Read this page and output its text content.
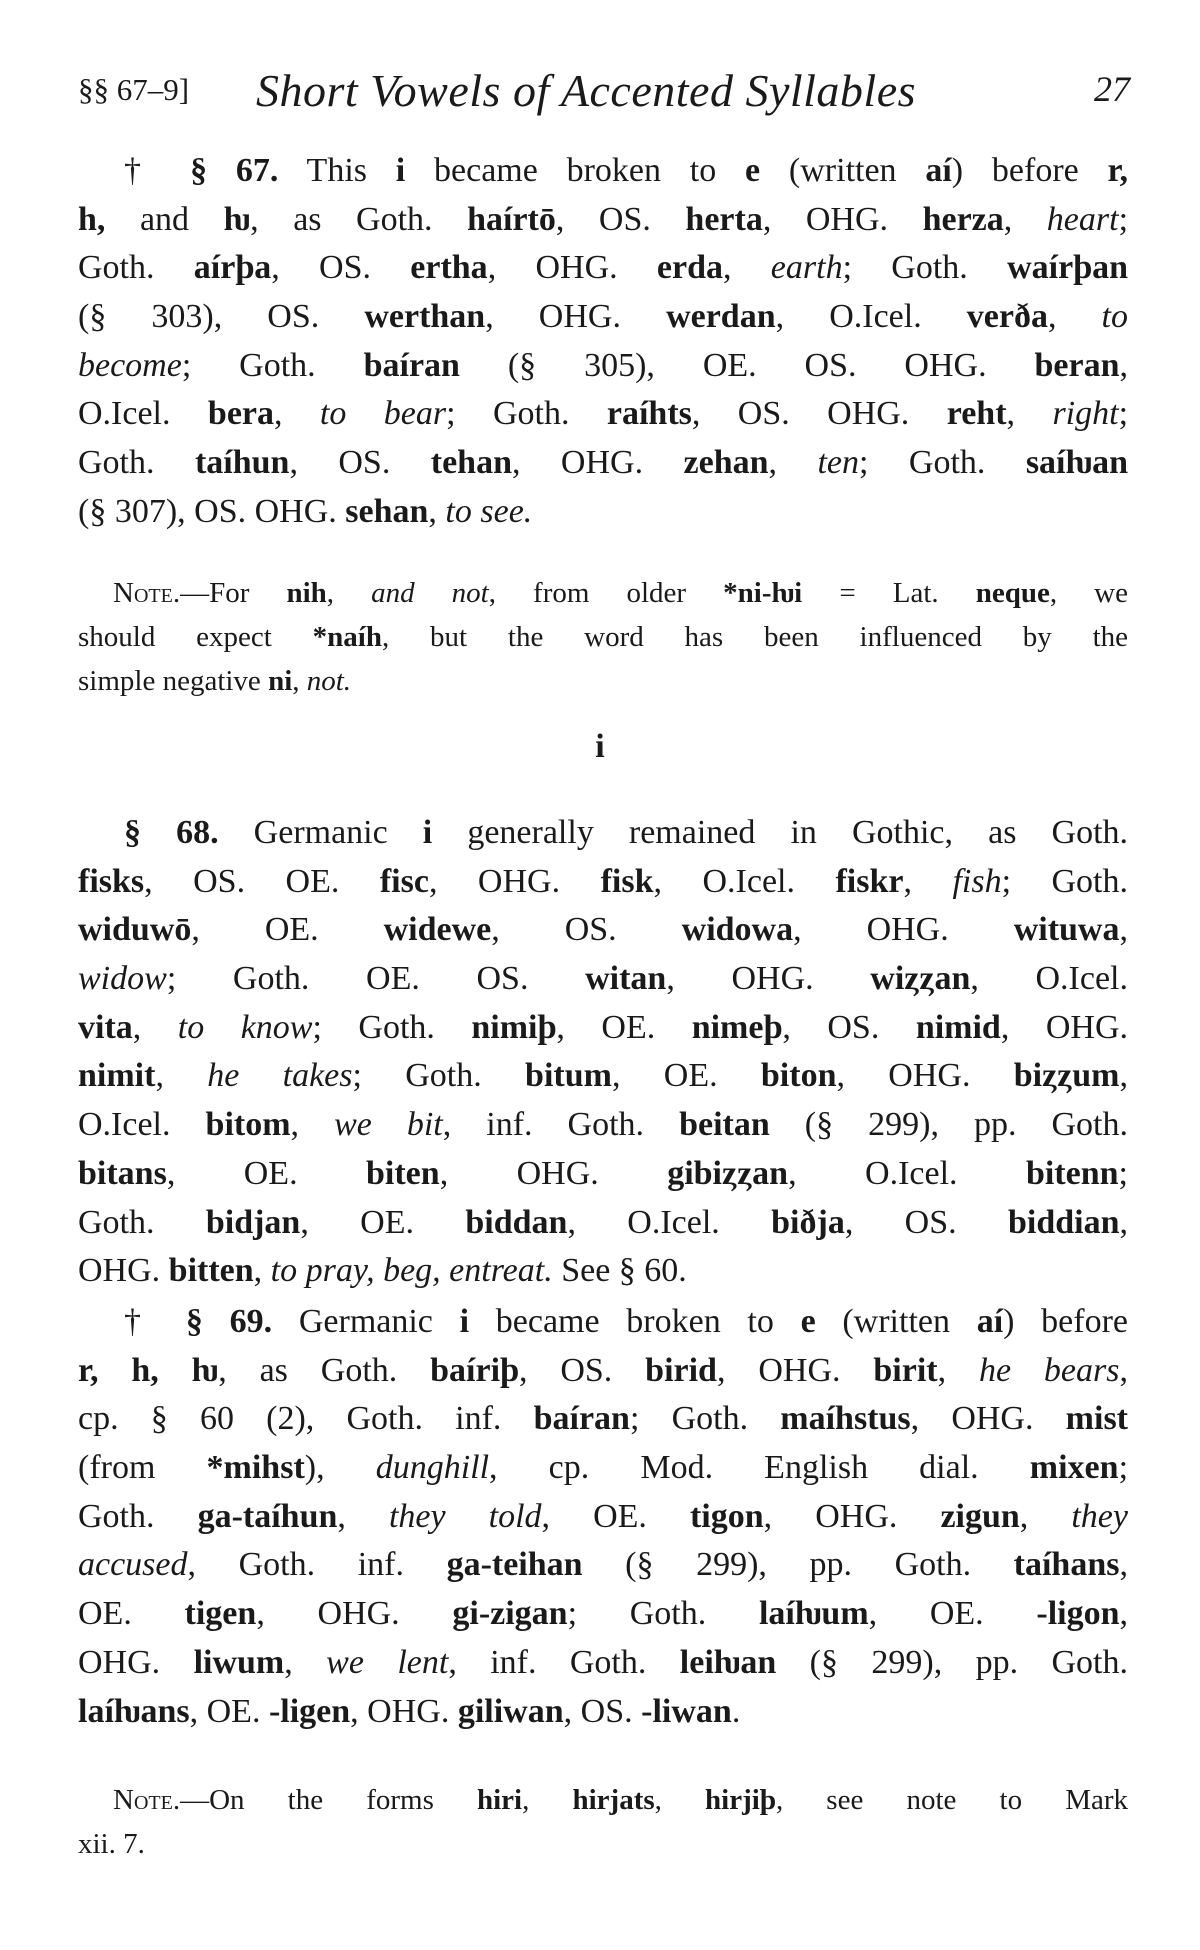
§§ 67–9] Short Vowels of Accented Syllables	27
† § 67. This i became broken to e (written aí) before r,
h, and ƕ, as Goth. haírtō, OS. herta, OHG. herza, heart;
Goth. aírþa, OS. ertha, OHG. erda, earth; Goth. waírþan
(§ 303), OS. werthan, OHG. werdan, O.Icel. verða, to
become; Goth. baíran (§ 305), OE. OS. OHG. beran,
O.Icel. bera, to bear; Goth. raíhts, OS. OHG. reht, right;
Goth. taíhun, OS. tehan, OHG. zehan, ten; Goth. saíƕan
(§ 307), OS. OHG. sehan, to see.
Note.—For nih, and not, from older *ni-ƕi = Lat. neque, we
should expect *naíh, but the word has been influenced by the
simple negative ni, not.
i
§ 68. Germanic i generally remained in Gothic, as Goth.
fisks, OS. OE. fisc, OHG. fisk, O.Icel. fiskr, fish; Goth.
widuwō, OE. widewe, OS. widowa, OHG. wituwa,
widow; Goth. OE. OS. witan, OHG. wiȥȥan, O.Icel.
vita, to know; Goth. nimiþ, OE. nimeþ, OS. nimid, OHG.
nimit, he takes; Goth. bitum, OE. biton, OHG. biȥȥum,
O.Icel. bitom, we bit, inf. Goth. beitan (§ 299), pp. Goth.
bitans, OE. biten, OHG. gibiȥȥan, O.Icel. bitenn;
Goth. bidjan, OE. biddan, O.Icel. biðja, OS. biddian,
OHG. bitten, to pray, beg, entreat. See § 60.
† § 69. Germanic i became broken to e (written aí) before
r, h, ƕ, as Goth. baíriþ, OS. birid, OHG. birit, he bears,
cp. § 60 (2), Goth. inf. baíran; Goth. maíhstus, OHG. mist
(from *mihst), dunghill, cp. Mod. English dial. mixen;
Goth. ga-taíhun, they told, OE. tigon, OHG. zigun, they
accused, Goth. inf. ga-teihan (§ 299), pp. Goth. taíhans,
OE. tigen, OHG. gi-zigan; Goth. laíƕum, OE. -ligon,
OHG. liwum, we lent, inf. Goth. leiƕan (§ 299), pp. Goth.
laíƕans, OE. -ligen, OHG. giliwan, OS. -liwan.
Note.—On the forms hiri, hirjats, hirjiþ, see note to Mark
xii. 7.
